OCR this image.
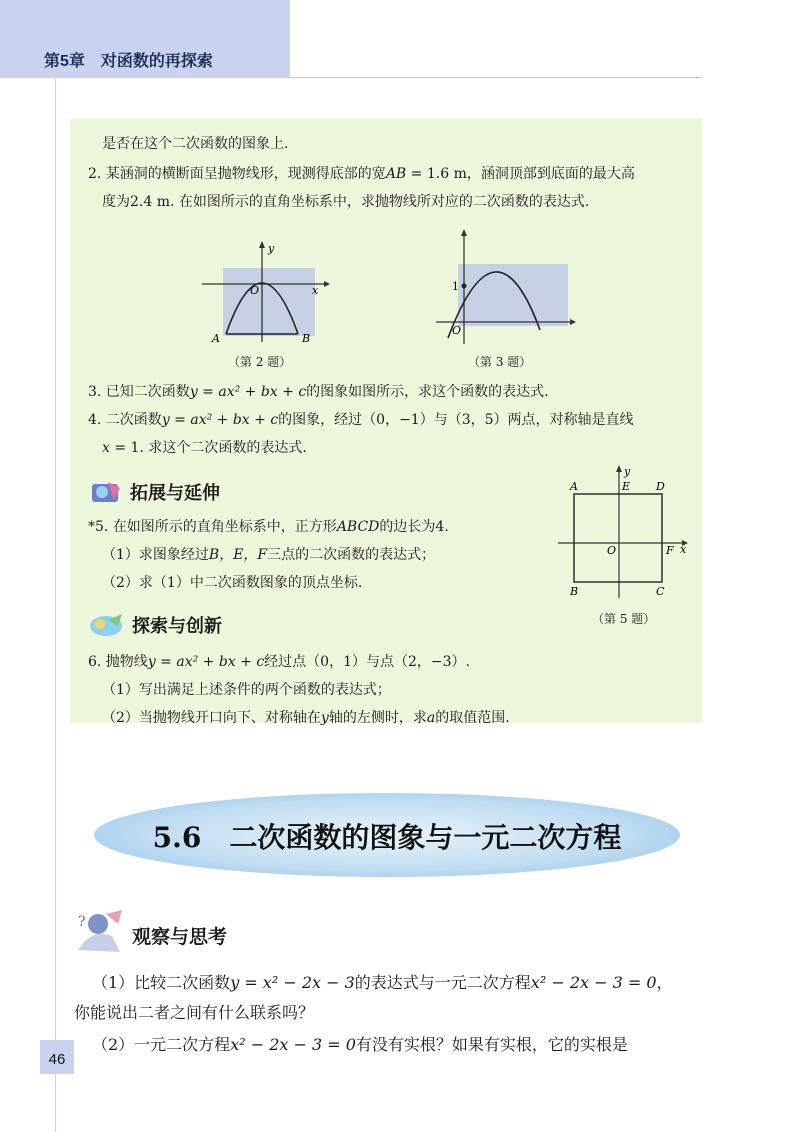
第5章　对函数的再探索
是否在这个二次函数的图象上.
2. 某涵洞的横断面呈抛物线形，现测得底部的宽AB = 1.6 m，涵洞顶部到底面的最大高
度为2.4 m. 在如图所示的直角坐标系中，求抛物线所对应的二次函数的表达式.
y
O	x
A	B
（第 2 题）
1
O
（第 3 题）
3. 已知二次函数y = ax² + bx + c的图象如图所示，求这个函数的表达式.
4. 二次函数y = ax² + bx + c的图象，经过（0，−1）与（3，5）两点，对称轴是直线
x = 1. 求这个二次函数的表达式.
拓展与延伸
*5. 在如图所示的直角坐标系中，正方形ABCD的边长为4.
（1）求图象经过B，E，F三点的二次函数的表达式；
（2）求（1）中二次函数图象的顶点坐标.
y
x
A	E D
O	F
B	C
（第 5 题）
探索与创新
6. 抛物线y = ax² + bx + c经过点（0，1）与点（2，−3）.
（1）写出满足上述条件的两个函数的表达式；
（2）当抛物线开口向下、对称轴在y轴的左侧时，求a的取值范围.
5.6　二次函数的图象与一元二次方程
?
观察与思考
（1）比较二次函数y = x² − 2x − 3的表达式与一元二次方程x² − 2x − 3 = 0，
你能说出二者之间有什么联系吗？
（2）一元二次方程x² − 2x − 3 = 0有没有实根？如果有实根，它的实根是
46
